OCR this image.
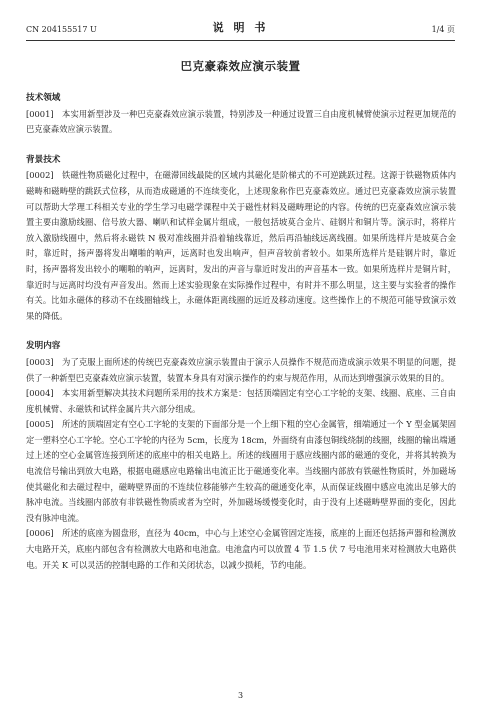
CN 204155517 U	说 明 书	1/4 页
巴克豪森效应演示装置

技术领域

[0001]　本实用新型涉及一种巴克豪森效应演示装置，特别涉及一种通过设置三自由度机械臂使演示过程更加规范的巴克豪森效应演示装置。

背景技术

[0002]　铁磁性物质磁化过程中，在磁滞回线最陡的区域内其磁化是阶梯式的不可逆跳跃过程。这源于铁磁物质体内磁畴和磁畴壁的跳跃式位移，从而造成磁通的不连续变化，上述现象称作巴克豪森效应。通过巴克豪森效应演示装置可以帮助大学理工科相关专业的学生学习电磁学课程中关于磁性材料及磁畴理论的内容。传统的巴克豪森效应演示装置主要由激励线圈、信号放大器、喇叭和试样金属片组成，一般包括坡莫合金片、硅钢片和铜片等。演示时，将样片放入激励线圈中，然后将永磁铁 N 极对准线圈并沿着轴线靠近，然后再沿轴线远离线圈。如果所选样片是坡莫合金时，靠近时，扬声器将发出嘲啪的响声，远离时也发出响声，但声音较前者较小。如果所选样片是硅钢片时，靠近时，扬声器将发出较小的嘲啪的响声，远离时，发出的声音与靠近时发出的声音基本一致。如果所选样片是铜片时，靠近时与远离时均没有声音发出。然而上述实验现象在实际操作过程中，有时并不那么明显，这主要与实验者的操作有关。比如永磁体的移动不在线圈轴线上，永磁体距离线圈的远近及移动速度。这些操作上的不规范可能导致演示效果的降低。

发明内容

[0003]　为了克服上面所述的传统巴克豪森效应演示装置由于演示人员操作不规范而造成演示效果不明显的问题，提供了一种新型巴克豪森效应演示装置，装置本身具有对演示操作的约束与规范作用，从而达到增强演示效果的目的。

[0004]　本实用新型解决其技术问题所采用的技术方案是：包括顶端固定有空心工字轮的支架、线圈、底座、三自由度机械臂、永磁铁和试样金属片共六部分组成。

[0005]　所述的顶端固定有空心工字轮的支架的下面部分是一个上细下粗的空心金属管，细端通过一个 Y 型金属架固定一塑料空心工字轮。空心工字轮的内径为 5cm，长度为 18cm，外面绕有由漆包铜线绕制的线圈，线圈的输出端通过上述的空心金属管连接到所述的底座中的相关电路上。所述的线圈用于感应线圈内部的磁通的变化，并将其转换为电流信号输出到放大电路，根据电磁感应电路输出电流正比于磁通变化率。当线圈内部放有铁磁性物质时，外加磁场使其磁化和去磁过程中，磁畴壁界面的不连续位移能够产生较高的磁通变化率，从而保证线圈中感应电流出足够大的脉冲电流。当线圈内部放有非铁磁性物质或者为空时，外加磁场缓慢变化时，由于没有上述磁畴壁界面的变化，因此没有脉冲电流。

[0006]　所述的底座为圆盘形，直径为 40cm，中心与上述空心金属管固定连接，底座的上面还包括扬声器和检测放大电路开关，底座内部包含有检测放大电路和电池盒。电池盒内可以放置 4 节 1.5 伏 7 号电池用来对检测放大电路供电。开关 K 可以灵活的控制电路的工作和关闭状态，以减少损耗，节约电能。

3
